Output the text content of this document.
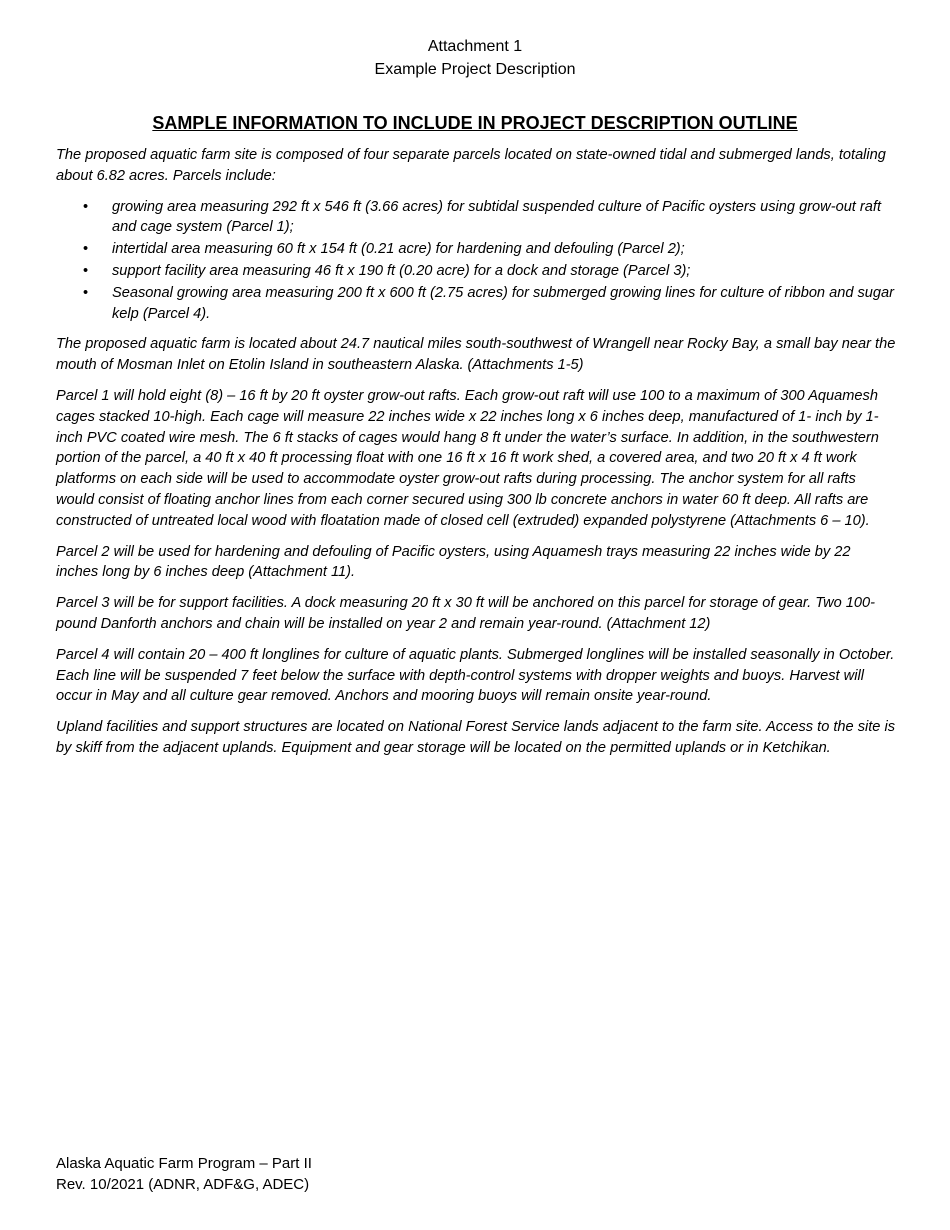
Attachment 1
Example Project Description
SAMPLE INFORMATION TO INCLUDE IN PROJECT DESCRIPTION OUTLINE

The proposed aquatic farm site is composed of four separate parcels located on state-owned tidal and submerged lands, totaling about 6.82 acres. Parcels include:

• growing area measuring 292 ft x 546 ft (3.66 acres) for subtidal suspended culture of Pacific oysters using grow-out raft and cage system (Parcel 1);
• intertidal area measuring 60 ft x 154 ft (0.21 acre) for hardening and defouling (Parcel 2);
• support facility area measuring 46 ft x 190 ft (0.20 acre) for a dock and storage (Parcel 3);
• Seasonal growing area measuring 200 ft x 600 ft (2.75 acres) for submerged growing lines for culture of ribbon and sugar kelp (Parcel 4).

The proposed aquatic farm is located about 24.7 nautical miles south-southwest of Wrangell near Rocky Bay, a small bay near the mouth of Mosman Inlet on Etolin Island in southeastern Alaska. (Attachments 1-5)

Parcel 1 will hold eight (8) – 16 ft by 20 ft oyster grow-out rafts. Each grow-out raft will use 100 to a maximum of 300 Aquamesh cages stacked 10-high. Each cage will measure 22 inches wide x 22 inches long x 6 inches deep, manufactured of 1- inch by 1-inch PVC coated wire mesh. The 6 ft stacks of cages would hang 8 ft under the water’s surface. In addition, in the southwestern portion of the parcel, a 40 ft x 40 ft processing float with one 16 ft x 16 ft work shed, a covered area, and two 20 ft x 4 ft work platforms on each side will be used to accommodate oyster grow-out rafts during processing. The anchor system for all rafts would consist of floating anchor lines from each corner secured using 300 lb concrete anchors in water 60 ft deep. All rafts are constructed of untreated local wood with floatation made of closed cell (extruded) expanded polystyrene (Attachments 6 – 10).

Parcel 2 will be used for hardening and defouling of Pacific oysters, using Aquamesh trays measuring 22 inches wide by 22 inches long by 6 inches deep (Attachment 11).

Parcel 3 will be for support facilities. A dock measuring 20 ft x 30 ft will be anchored on this parcel for storage of gear. Two 100-pound Danforth anchors and chain will be installed on year 2 and remain year-round. (Attachment 12)

Parcel 4 will contain 20 – 400 ft longlines for culture of aquatic plants. Submerged longlines will be installed seasonally in October. Each line will be suspended 7 feet below the surface with depth-control systems with dropper weights and buoys. Harvest will occur in May and all culture gear removed. Anchors and mooring buoys will remain onsite year-round.

Upland facilities and support structures are located on National Forest Service lands adjacent to the farm site. Access to the site is by skiff from the adjacent uplands. Equipment and gear storage will be located on the permitted uplands or in Ketchikan.

Alaska Aquatic Farm Program – Part II
Rev. 10/2021 (ADNR, ADF&G, ADEC)
